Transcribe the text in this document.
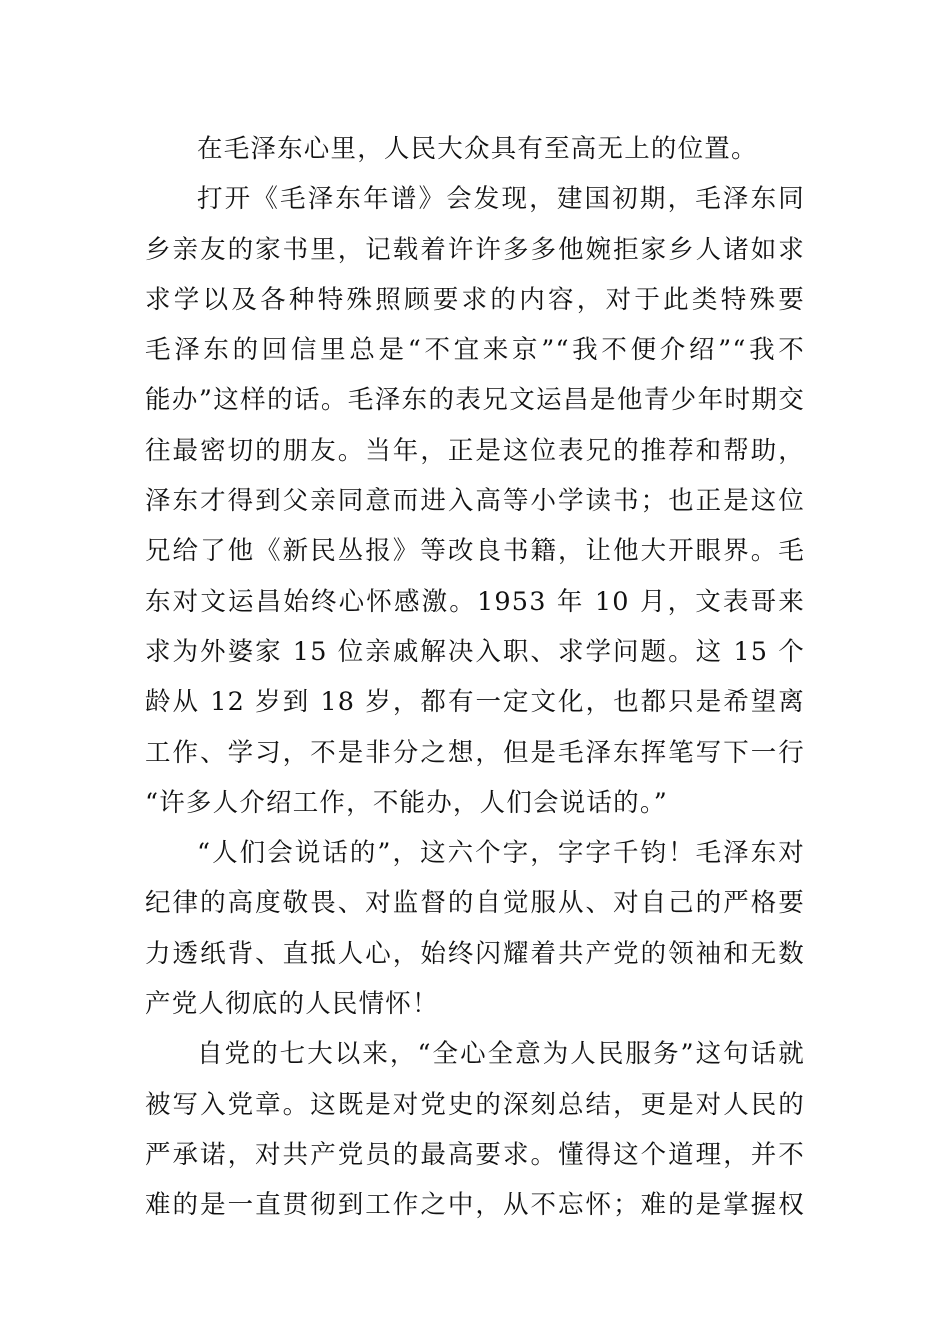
在毛泽东心里，人民大众具有至高无上的位置。
打开《毛泽东年谱》会发现，建国初期，毛泽东同
乡亲友的家书里，记载着许许多多他婉拒家乡人诸如求
求学以及各种特殊照顾要求的内容，对于此类特殊要
毛泽东的回信里总是“不宜来京”“我不便介绍”“我不
能办”这样的话。毛泽东的表兄文运昌是他青少年时期交
往最密切的朋友。当年，正是这位表兄的推荐和帮助，
泽东才得到父亲同意而进入高等小学读书；也正是这位
兄给了他《新民丛报》等改良书籍，让他大开眼界。毛
东对文运昌始终心怀感激。1953 年 10 月，文表哥来
求为外婆家 15 位亲戚解决入职、求学问题。这 15 个
龄从 12 岁到 18 岁，都有一定文化，也都只是希望离
工作、学习，不是非分之想，但是毛泽东挥笔写下一行
“许多人介绍工作，不能办，人们会说话的。”
“人们会说话的”，这六个字，字字千钧！毛泽东对
纪律的高度敬畏、对监督的自觉服从、对自己的严格要
力透纸背、直抵人心，始终闪耀着共产党的领袖和无数
产党人彻底的人民情怀！
自党的七大以来，“全心全意为人民服务”这句话就
被写入党章。这既是对党史的深刻总结，更是对人民的
严承诺，对共产党员的最高要求。懂得这个道理，并不
难的是一直贯彻到工作之中，从不忘怀；难的是掌握权
